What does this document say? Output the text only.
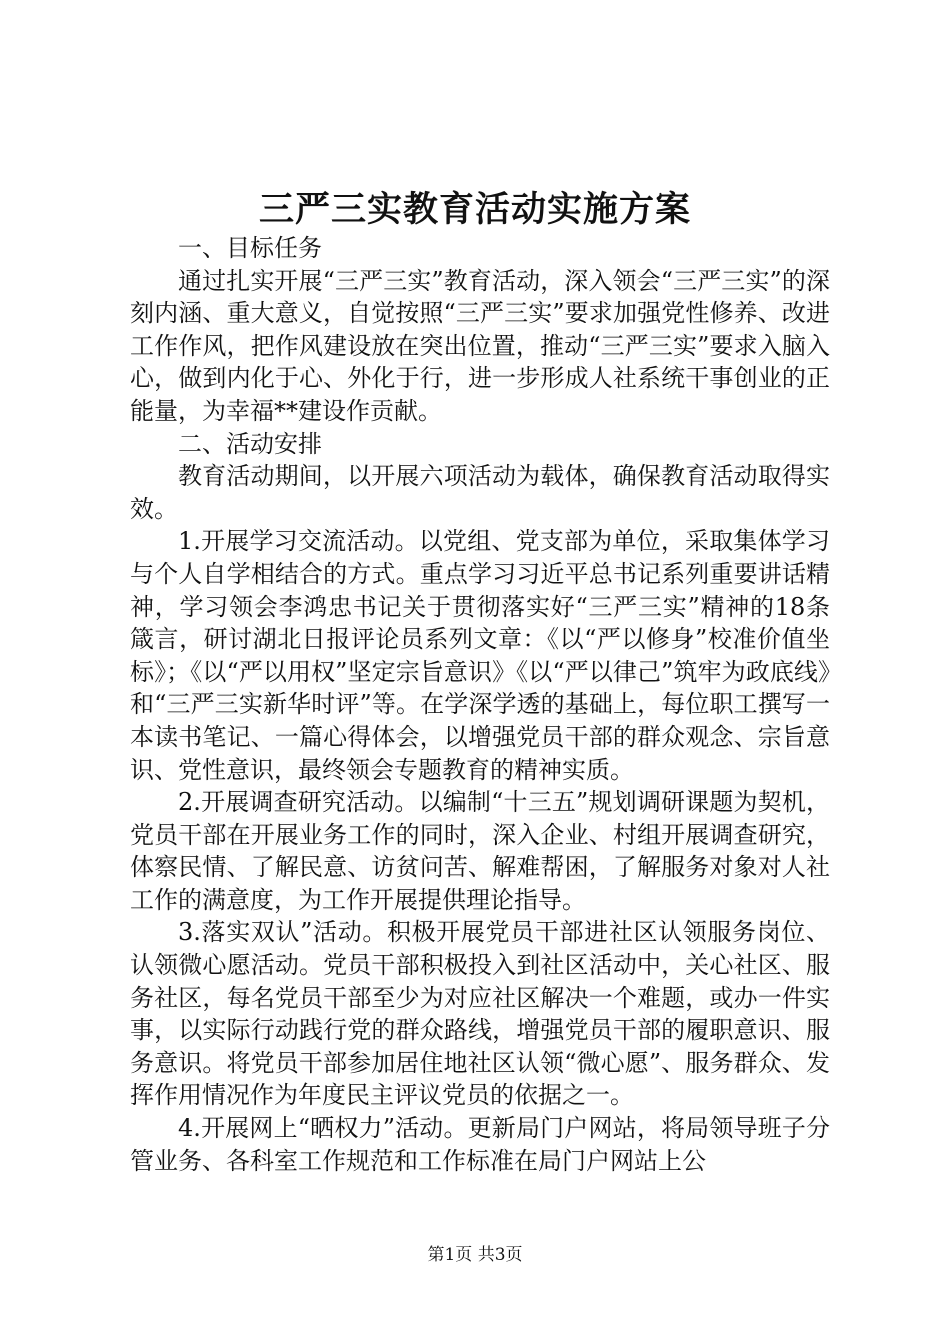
三严三实教育活动实施方案

一、目标任务

通过扎实开展“三严三实”教育活动，深入领会“三严三实”的深刻内涵、重大意义，自觉按照“三严三实”要求加强党性修养、改进工作作风，把作风建设放在突出位置，推动“三严三实”要求入脑入心，做到内化于心、外化于行，进一步形成人社系统干事创业的正能量，为幸福**建设作贡献。

二、活动安排

教育活动期间，以开展六项活动为载体，确保教育活动取得实效。

1.开展学习交流活动。以党组、党支部为单位，采取集体学习与个人自学相结合的方式。重点学习习近平总书记系列重要讲话精神，学习领会李鸿忠书记关于贯彻落实好“三严三实”精神的18条箴言，研讨湖北日报评论员系列文章：《以“严以修身”校准价值坐标》；《以“严以用权”坚定宗旨意识》《以“严以律己”筑牢为政底线》和“三严三实新华时评”等。在学深学透的基础上，每位职工撰写一本读书笔记、一篇心得体会，以增强党员干部的群众观念、宗旨意识、党性意识，最终领会专题教育的精神实质。

2.开展调查研究活动。以编制“十三五”规划调研课题为契机，党员干部在开展业务工作的同时，深入企业、村组开展调查研究，体察民情、了解民意、访贫问苦、解难帮困，了解服务对象对人社工作的满意度，为工作开展提供理论指导。

3.落实双认”活动。积极开展党员干部进社区认领服务岗位、认领微心愿活动。党员干部积极投入到社区活动中，关心社区、服务社区，每名党员干部至少为对应社区解决一个难题，或办一件实事，以实际行动践行党的群众路线，增强党员干部的履职意识、服务意识。将党员干部参加居住地社区认领“微心愿”、服务群众、发挥作用情况作为年度民主评议党员的依据之一。

4.开展网上“晒权力”活动。更新局门户网站，将局领导班子分管业务、各科室工作规范和工作标准在局门户网站上公

第1页 共3页
